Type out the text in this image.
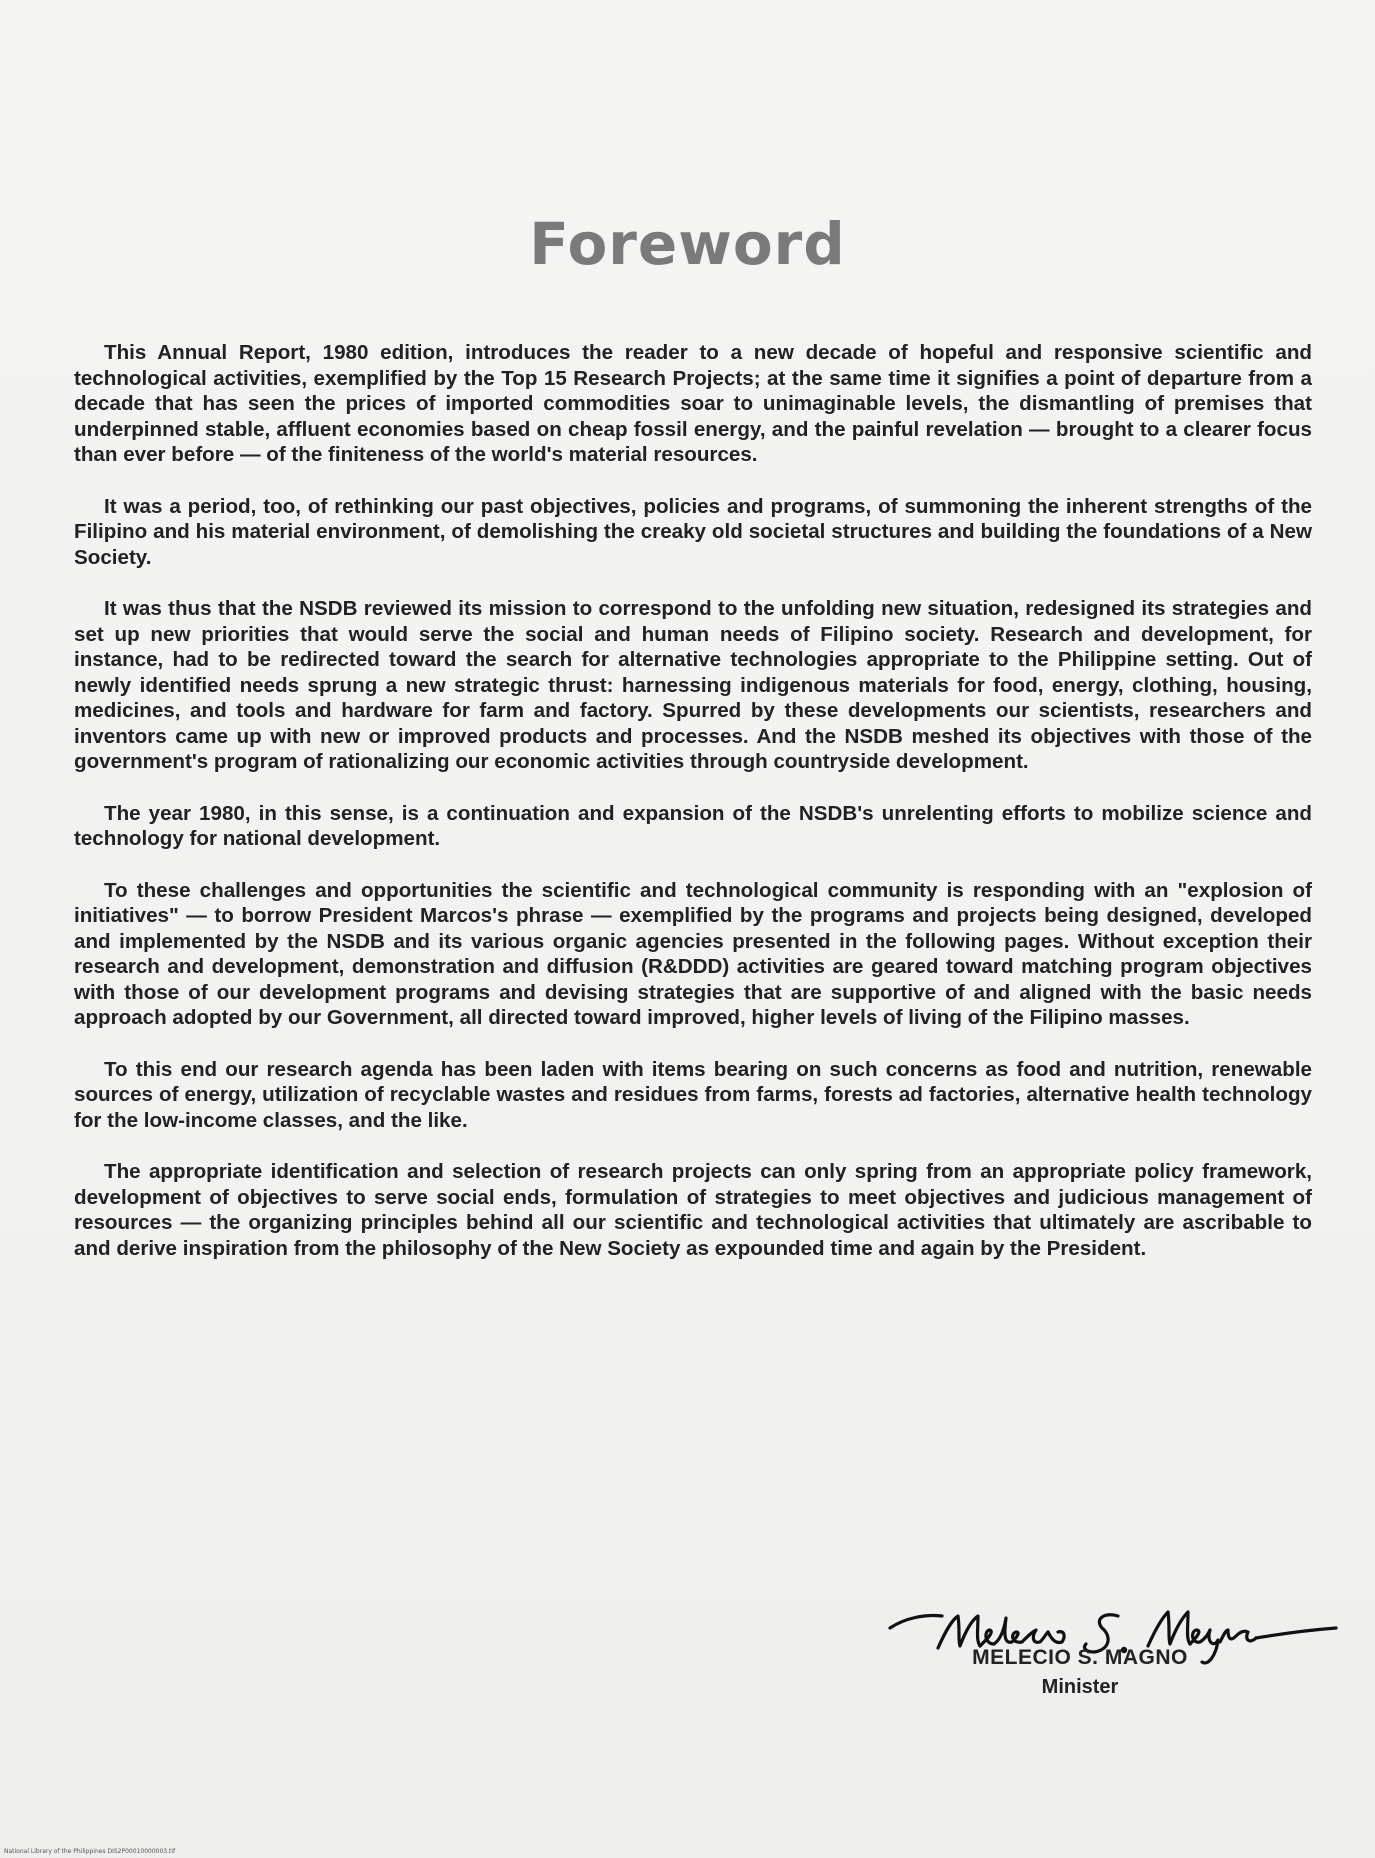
Foreword

This Annual Report, 1980 edition, introduces the reader to a new decade of hopeful and responsive scientific and technological activities, exemplified by the Top 15 Research Projects; at the same time it signifies a point of departure from a decade that has seen the prices of imported commodities soar to unimaginable levels, the dismantling of premises that underpinned stable, affluent economies based on cheap fossil energy, and the painful revelation — brought to a clearer focus than ever before — of the finiteness of the world's material resources.

It was a period, too, of rethinking our past objectives, policies and programs, of summoning the inherent strengths of the Filipino and his material environment, of demolishing the creaky old societal structures and building the foundations of a New Society.

It was thus that the NSDB reviewed its mission to correspond to the unfolding new situation, redesigned its strategies and set up new priorities that would serve the social and human needs of Filipino society. Research and development, for instance, had to be redirected toward the search for alternative technologies appropriate to the Philippine setting. Out of newly identified needs sprung a new strategic thrust: harnessing indigenous materials for food, energy, clothing, housing, medicines, and tools and hardware for farm and factory. Spurred by these developments our scientists, researchers and inventors came up with new or improved products and processes. And the NSDB meshed its objectives with those of the government's program of rationalizing our economic activities through countryside development.

The year 1980, in this sense, is a continuation and expansion of the NSDB's unrelenting efforts to mobilize science and technology for national development.

To these challenges and opportunities the scientific and technological community is responding with an "explosion of initiatives" — to borrow President Marcos's phrase — exemplified by the programs and projects being designed, developed and implemented by the NSDB and its various organic agencies presented in the following pages. Without exception their research and development, demonstration and diffusion (R&DDD) activities are geared toward matching program objectives with those of our development programs and devising strategies that are supportive of and aligned with the basic needs approach adopted by our Government, all directed toward improved, higher levels of living of the Filipino masses.

To this end our research agenda has been laden with items bearing on such concerns as food and nutrition, renewable sources of energy, utilization of recyclable wastes and residues from farms, forests ad factories, alternative health technology for the low-income classes, and the like.

The appropriate identification and selection of research projects can only spring from an appropriate policy framework, development of objectives to serve social ends, formulation of strategies to meet objectives and judicious management of resources — the organizing principles behind all our scientific and technological activities that ultimately are ascribable to and derive inspiration from the philosophy of the New Society as expounded time and again by the President.

MELECIO S. MAGNO
Minister
National Library of the Philippines DIS2P00010000003.tif
